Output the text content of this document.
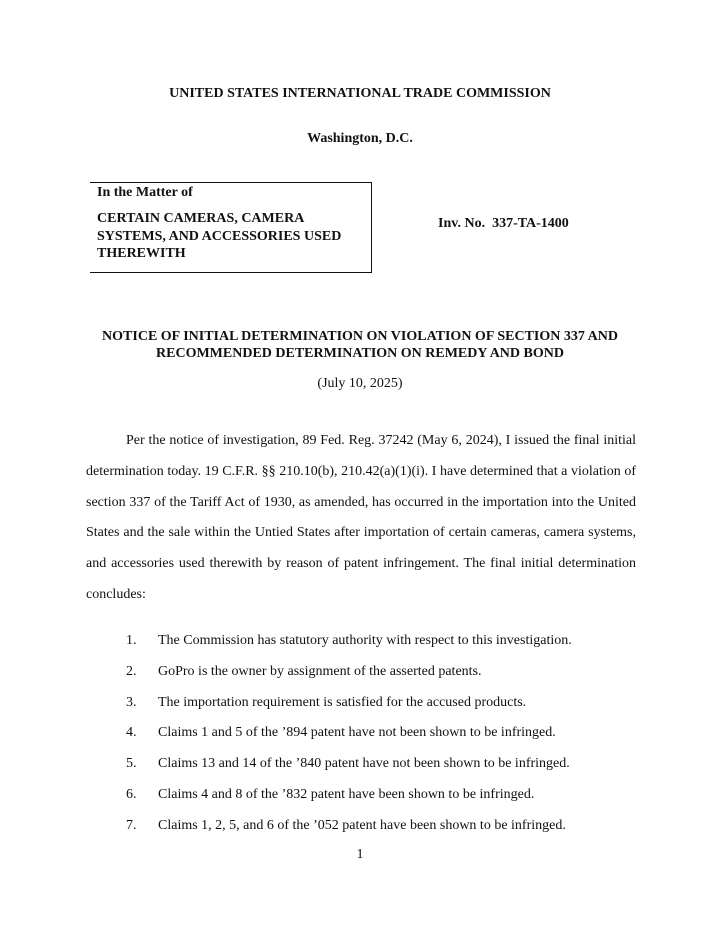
UNITED STATES INTERNATIONAL TRADE COMMISSION
Washington, D.C.
In the Matter of
CERTAIN CAMERAS, CAMERA
SYSTEMS, AND ACCESSORIES USED
THEREWITH
Inv. No.  337-TA-1400
NOTICE OF INITIAL DETERMINATION ON VIOLATION OF SECTION 337 AND
RECOMMENDED DETERMINATION ON REMEDY AND BOND
(July 10, 2025)
Per the notice of investigation, 89 Fed. Reg. 37242 (May 6, 2024), I issued the final initial
determination today. 19 C.F.R. §§ 210.10(b), 210.42(a)(1)(i). I have determined that a violation of
section 337 of the Tariff Act of 1930, as amended, has occurred in the importation into the United
States and the sale within the Untied States after importation of certain cameras, camera systems,
and accessories used therewith by reason of patent infringement. The final initial determination
concludes:
1.	The Commission has statutory authority with respect to this investigation.
2.	GoPro is the owner by assignment of the asserted patents.
3.	The importation requirement is satisfied for the accused products.
4.	Claims 1 and 5 of the ’894 patent have not been shown to be infringed.
5.	Claims 13 and 14 of the ’840 patent have not been shown to be infringed.
6.	Claims 4 and 8 of the ’832 patent have been shown to be infringed.
7.	Claims 1, 2, 5, and 6 of the ’052 patent have been shown to be infringed.
1
